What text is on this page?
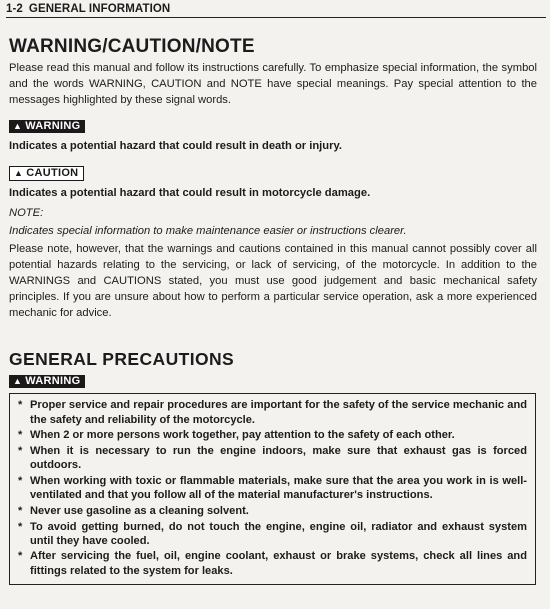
1-2 GENERAL INFORMATION
WARNING/CAUTION/NOTE

Please read this manual and follow its instructions carefully. To emphasize special information, the symbol and the words WARNING, CAUTION and NOTE have special meanings. Pay special attention to the messages highlighted by these signal words.

▲ WARNING

Indicates a potential hazard that could result in death or injury.

▲ CAUTION

Indicates a potential hazard that could result in motorcycle damage.

NOTE:

Indicates special information to make maintenance easier or instructions clearer.

Please note, however, that the warnings and cautions contained in this manual cannot possibly cover all potential hazards relating to the servicing, or lack of servicing, of the motorcycle. In addition to the WARNINGS and CAUTIONS stated, you must use good judgement and basic mechanical safety principles. If you are unsure about how to perform a particular service operation, ask a more experienced mechanic for advice.

GENERAL PRECAUTIONS
▲ WARNING
* Proper service and repair procedures are important for the safety of the service mechanic and the safety and reliability of the motorcycle.
* When 2 or more persons work together, pay attention to the safety of each other.
* When it is necessary to run the engine indoors, make sure that exhaust gas is forced outdoors.
* When working with toxic or flammable materials, make sure that the area you work in is well-ventilated and that you follow all of the material manufacturer's instructions.
* Never use gasoline as a cleaning solvent.
* To avoid getting burned, do not touch the engine, engine oil, radiator and exhaust system until they have cooled.
* After servicing the fuel, oil, engine coolant, exhaust or brake systems, check all lines and fittings related to the system for leaks.
